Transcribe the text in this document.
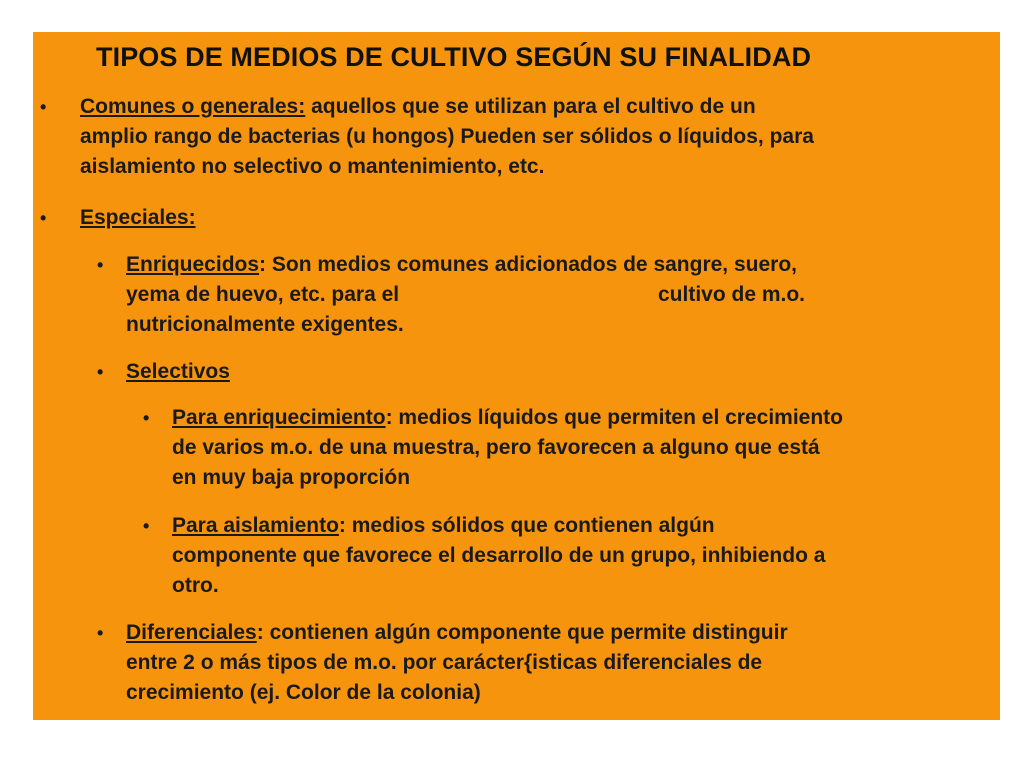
TIPOS DE MEDIOS DE CULTIVO SEGÚN SU FINALIDAD
• Comunes o generales: aquellos que se utilizan para el cultivo de un
amplio rango de bacterias (u hongos) Pueden ser sólidos o líquidos, para
aislamiento no selectivo o mantenimiento, etc.
• Especiales:
• Enriquecidos: Son medios comunes adicionados de sangre, suero,
yema de huevo, etc. para el	cultivo de m.o.
nutricionalmente exigentes.
• Selectivos
• Para enriquecimiento: medios líquidos que permiten el crecimiento
de varios m.o. de una muestra, pero favorecen a alguno que está
en muy baja proporción
• Para aislamiento: medios sólidos que contienen algún
componente que favorece el desarrollo de un grupo, inhibiendo a
otro.
• Diferenciales: contienen algún componente que permite distinguir
entre 2 o más tipos de m.o. por carácter{isticas diferenciales de
crecimiento (ej. Color de la colonia)
